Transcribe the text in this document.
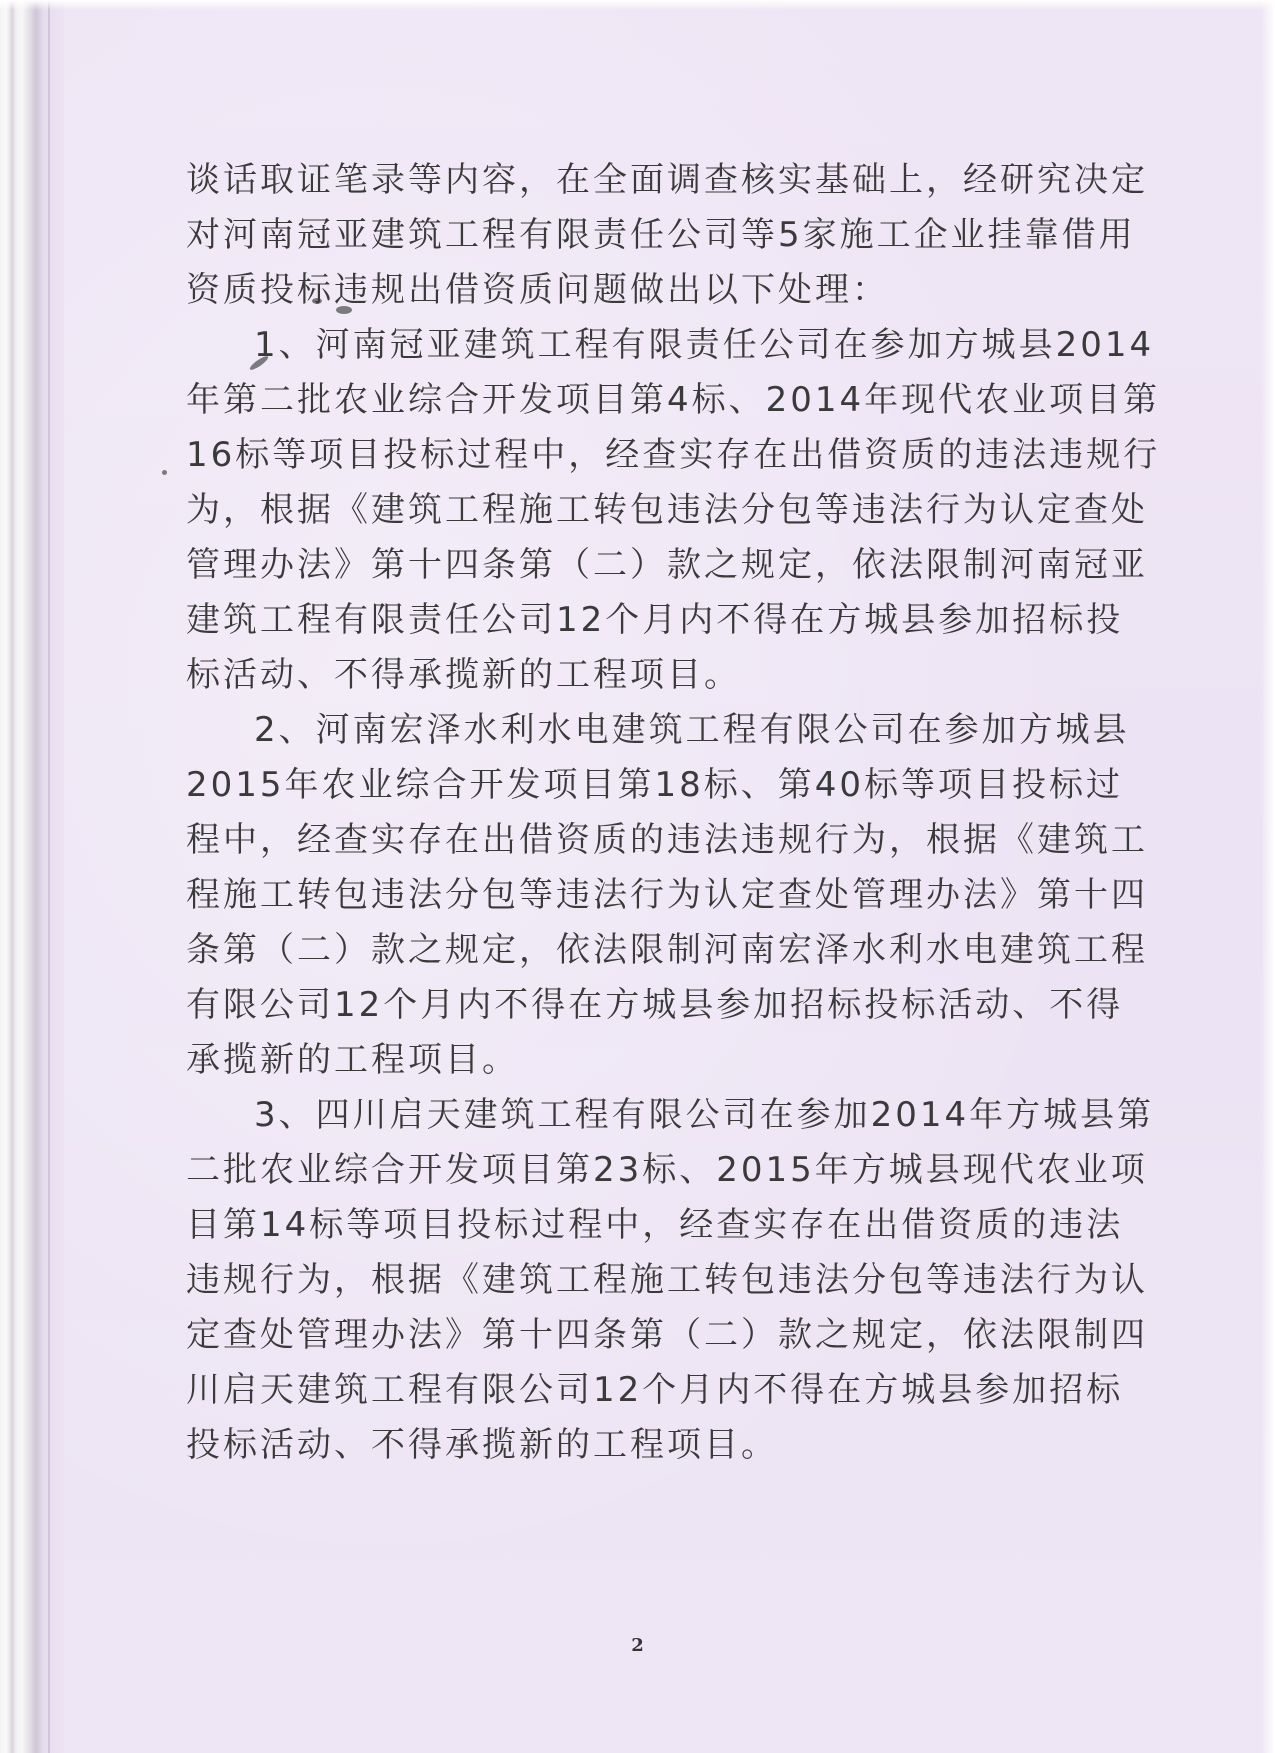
谈话取证笔录等内容，在全面调查核实基础上，经研究决定
对河南冠亚建筑工程有限责任公司等5家施工企业挂靠借用
资质投标违规出借资质问题做出以下处理：
1、河南冠亚建筑工程有限责任公司在参加方城县2014
年第二批农业综合开发项目第4标、2014年现代农业项目第
16标等项目投标过程中，经查实存在出借资质的违法违规行
为，根据《建筑工程施工转包违法分包等违法行为认定查处
管理办法》第十四条第（二）款之规定，依法限制河南冠亚
建筑工程有限责任公司12个月内不得在方城县参加招标投
标活动、不得承揽新的工程项目。
2、河南宏泽水利水电建筑工程有限公司在参加方城县
2015年农业综合开发项目第18标、第40标等项目投标过
程中，经查实存在出借资质的违法违规行为，根据《建筑工
程施工转包违法分包等违法行为认定查处管理办法》第十四
条第（二）款之规定，依法限制河南宏泽水利水电建筑工程
有限公司12个月内不得在方城县参加招标投标活动、不得
承揽新的工程项目。
3、四川启天建筑工程有限公司在参加2014年方城县第
二批农业综合开发项目第23标、2015年方城县现代农业项
目第14标等项目投标过程中，经查实存在出借资质的违法
违规行为，根据《建筑工程施工转包违法分包等违法行为认
定查处管理办法》第十四条第（二）款之规定，依法限制四
川启天建筑工程有限公司12个月内不得在方城县参加招标
投标活动、不得承揽新的工程项目。
2
